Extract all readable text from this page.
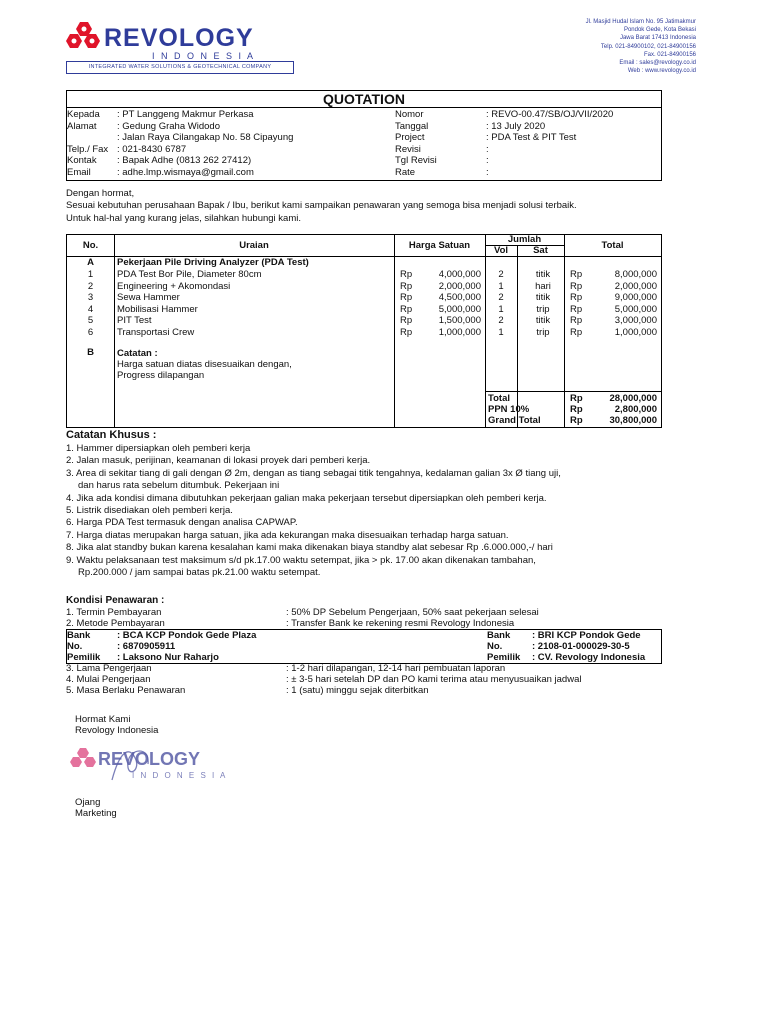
REVOLOGY
I N D O N E S I A
INTEGRATED WATER SOLUTIONS & GEOTECHNICAL COMPANY
Jl. Masjid Hudal Islam No. 95 Jatimakmur
Pondok Gede, Kota Bekasi
Jawa Barat 17413 Indonesia
Telp. 021-84900102, 021-84900156
Fax. 021-84900156
Email : sales@revology.co.id
Web : www.revology.co.id
QUOTATION
Kepada : PT Langgeng Makmur Perkasa
Alamat : Gedung Graha Widodo
: Jalan Raya Cilangakap No. 58 Cipayung
Telp./ Fax : 021-8430 6787
Kontak : Bapak Adhe (0813 262 27412)
Email	: adhe.lmp.wismaya@gmail.com
Nomor	: REVO-00.47/SB/OJ/VII/2020
Tanggal	: 13 July 2020
Project	: PDA Test & PIT Test
Revisi	:
Tgl Revisi	:
Rate	:
Dengan hormat,
Sesuai kebutuhan perusahaan Bapak / Ibu, berikut kami sampaikan penawaran yang semoga bisa menjadi solusi terbaik.
Untuk hal-hal yang kurang jelas, silahkan hubungi kami.
No.	Uraian	Harga Satuan
Jumlah
Vol	Sat	Total
A	Pekerjaan Pile Driving Analyzer (PDA Test)
1	PDA Test Bor Pile, Diameter 80cm	Rp	4,000,000	2	titik	Rp	8,000,000
2	Engineering + Akomondasi	Rp	2,000,000	1	hari	Rp	2,000,000
3	Sewa Hammer	Rp	4,500,000	2	titik	Rp	9,000,000
4	Mobilisasi Hammer	Rp	5,000,000	1	trip	Rp	5,000,000
5	PIT Test	Rp	1,500,000	2	titik	Rp	3,000,000
6	Transportasi Crew	Rp	1,000,000	1	trip	Rp	1,000,000
B	Catatan :
Harga satuan diatas disesuaikan dengan,
Progress dilapangan
Total	Rp	28,000,000
PPN 10%	Rp	2,800,000
Grand Total	Rp	30,800,000
Catatan Khusus :
1. Hammer dipersiapkan oleh pemberi kerja
2. Jalan masuk, perijinan, keamanan di lokasi proyek dari pemberi kerja.
3. Area di sekitar tiang di gali dengan Ø 2m, dengan as tiang sebagai titik tengahnya, kedalaman galian 3x Ø tiang uji,
dan harus rata sebelum ditumbuk. Pekerjaan ini
4. Jika ada kondisi dimana dibutuhkan pekerjaan galian maka pekerjaan tersebut dipersiapkan oleh pemberi kerja.
5. Listrik disediakan oleh pemberi kerja.
6. Harga PDA Test termasuk dengan analisa CAPWAP.
7. Harga diatas merupakan harga satuan, jika ada kekurangan maka disesuaikan terhadap harga satuan.
8. Jika alat standby bukan karena kesalahan kami maka dikenakan biaya standby alat sebesar Rp .6.000.000,-/ hari
9. Waktu pelaksanaan test maksimum s/d pk.17.00 waktu setempat, jika > pk. 17.00 akan dikenakan tambahan,
Rp.200.000 / jam sampai batas pk.21.00 waktu setempat.
Kondisi Penawaran :
1. Termin Pembayaran	: 50% DP Sebelum Pengerjaan, 50% saat pekerjaan selesai
2. Metode Pembayaran	: Transfer Bank ke rekening resmi Revology Indonesia
Bank	: BCA KCP Pondok Gede Plaza
No.	: 6870905911
Pemilik : Laksono Nur Raharjo
Bank : BRI KCP Pondok Gede
No.	: 2108-01-000029-30-5
Pemilik : CV. Revology Indonesia
3. Lama Pengerjaan	: 1-2 hari dilapangan, 12-14 hari pembuatan laporan
4. Mulai Pengerjaan	: ± 3-5 hari setelah DP dan PO kami terima atau menyusuaikan jadwal
5. Masa Berlaku Penawaran	: 1 (satu) minggu sejak diterbitkan
Hormat Kami
Revology Indonesia
REVOLOGY
I N D O N E S I A
Ojang
Marketing
